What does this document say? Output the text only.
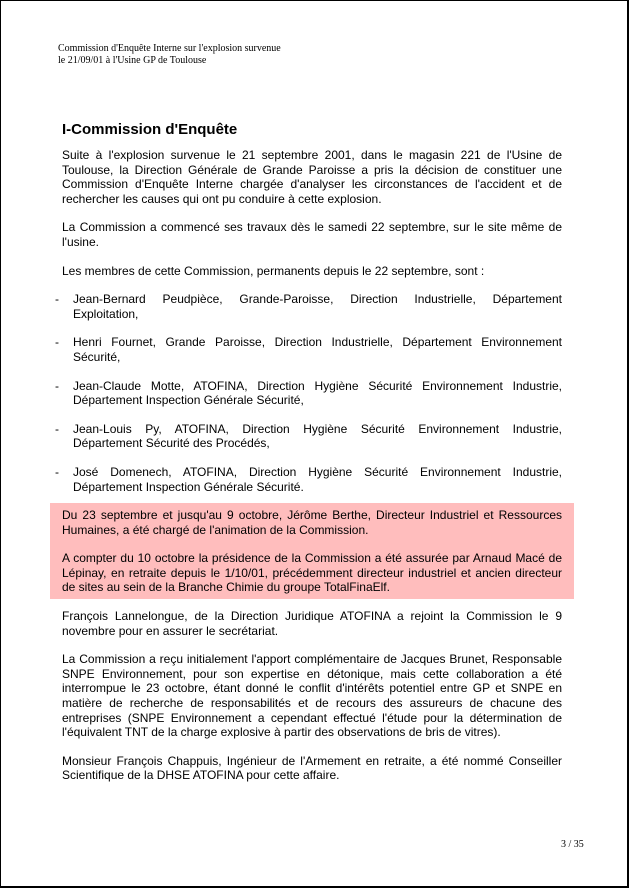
Commission d'Enquête Interne sur l'explosion survenue
le 21/09/01 à l'Usine GP de Toulouse
I-Commission d'Enquête

Suite à l'explosion survenue le 21 septembre 2001, dans le magasin 221 de l'Usine de Toulouse, la Direction Générale de Grande Paroisse a pris la décision de constituer une Commission d'Enquête Interne chargée d'analyser les circonstances de l'accident et de rechercher les causes qui ont pu conduire à cette explosion.

La Commission a commencé ses travaux dès le samedi 22 septembre, sur le site même de l'usine.

Les membres de cette Commission, permanents depuis le 22 septembre, sont :

- Jean-Bernard Peudpièce, Grande-Paroisse, Direction Industrielle, Département Exploitation,
- Henri Fournet, Grande Paroisse, Direction Industrielle, Département Environnement Sécurité,
- Jean-Claude Motte, ATOFINA, Direction Hygiène Sécurité Environnement Industrie, Département Inspection Générale Sécurité,
- Jean-Louis Py, ATOFINA, Direction Hygiène Sécurité Environnement Industrie, Département Sécurité des Procédés,
- José Domenech, ATOFINA, Direction Hygiène Sécurité Environnement Industrie, Département Inspection Générale Sécurité.

Du 23 septembre et jusqu'au 9 octobre, Jérôme Berthe, Directeur Industriel et Ressources Humaines, a été chargé de l'animation de la Commission.

A compter du 10 octobre la présidence de la Commission a été assurée par Arnaud Macé de Lépinay, en retraite depuis le 1/10/01, précédemment directeur industriel et ancien directeur de sites au sein de la Branche Chimie du groupe TotalFinaElf.

François Lannelongue, de la Direction Juridique ATOFINA a rejoint la Commission le 9 novembre pour en assurer le secrétariat.

La Commission a reçu initialement l'apport complémentaire de Jacques Brunet, Responsable SNPE Environnement, pour son expertise en détonique, mais cette collaboration a été interrompue le 23 octobre, étant donné le conflit d'intérêts potentiel entre GP et SNPE en matière de recherche de responsabilités et de recours des assureurs de chacune des entreprises (SNPE Environnement a cependant effectué l'étude pour la détermination de l'équivalent TNT de la charge explosive à partir des observations de bris de vitres).

Monsieur François Chappuis, Ingénieur de l'Armement en retraite, a été nommé Conseiller Scientifique de la DHSE ATOFINA pour cette affaire.

3 / 35
